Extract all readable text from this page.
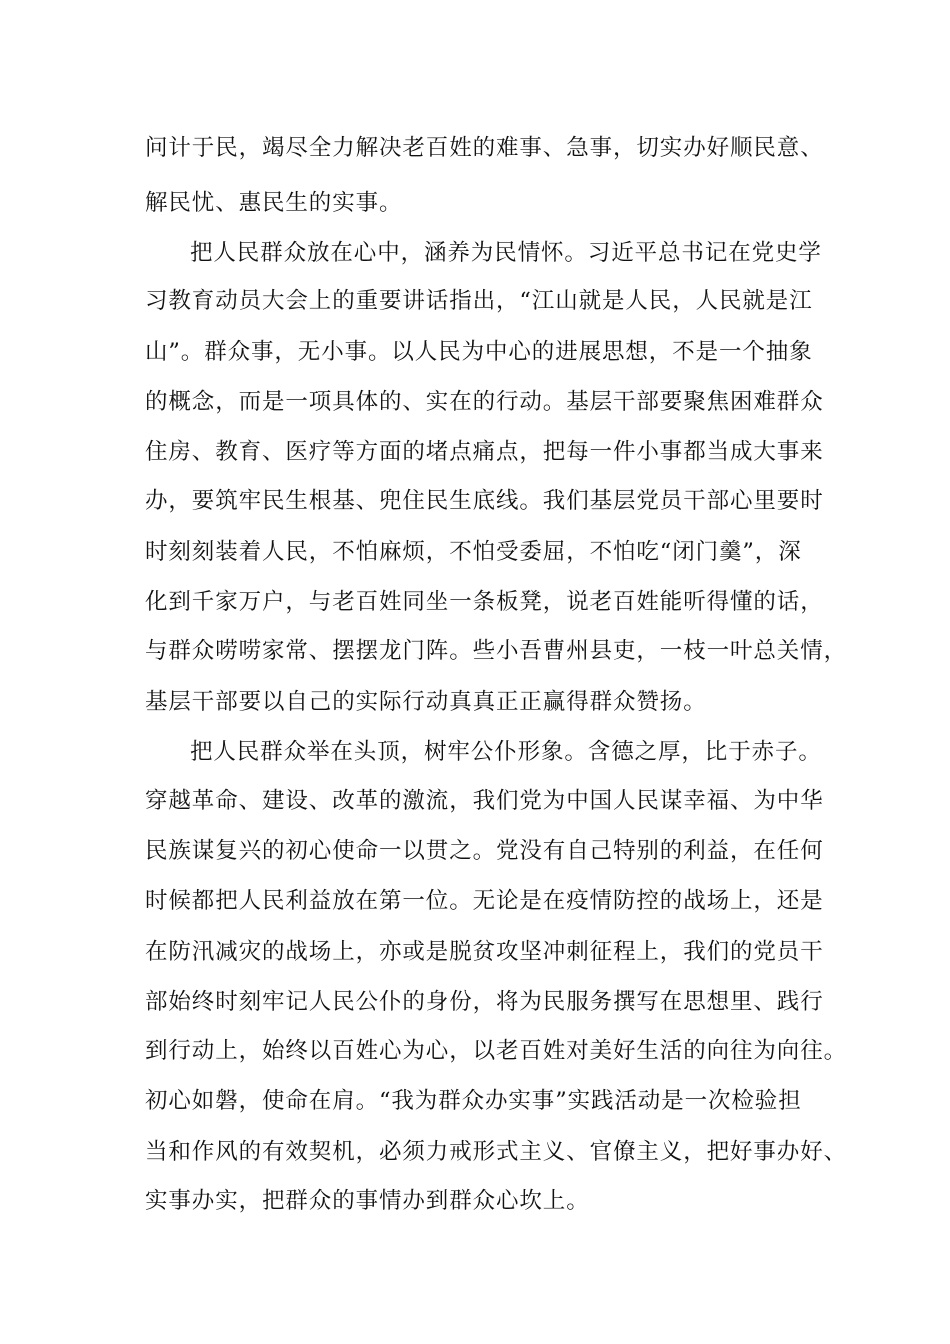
问计于民，竭尽全力解决老百姓的难事、急事，切实办好顺民意、
解民忧、惠民生的实事。
把人民群众放在心中，涵养为民情怀。习近平总书记在党史学
习教育动员大会上的重要讲话指出，“江山就是人民，人民就是江
山”。群众事，无小事。以人民为中心的进展思想，不是一个抽象
的概念，而是一项具体的、实在的行动。基层干部要聚焦困难群众
住房、教育、医疗等方面的堵点痛点，把每一件小事都当成大事来
办，要筑牢民生根基、兜住民生底线。我们基层党员干部心里要时
时刻刻装着人民，不怕麻烦，不怕受委屈，不怕吃“闭门羹”，深
化到千家万户，与老百姓同坐一条板凳，说老百姓能听得懂的话，
与群众唠唠家常、摆摆龙门阵。些小吾曹州县吏，一枝一叶总关情，
基层干部要以自己的实际行动真真正正赢得群众赞扬。
把人民群众举在头顶，树牢公仆形象。含德之厚，比于赤子。
穿越革命、建设、改革的激流，我们党为中国人民谋幸福、为中华
民族谋复兴的初心使命一以贯之。党没有自己特别的利益，在任何
时候都把人民利益放在第一位。无论是在疫情防控的战场上，还是
在防汛减灾的战场上，亦或是脱贫攻坚冲刺征程上，我们的党员干
部始终时刻牢记人民公仆的身份，将为民服务撰写在思想里、践行
到行动上，始终以百姓心为心，以老百姓对美好生活的向往为向往。
初心如磐，使命在肩。“我为群众办实事”实践活动是一次检验担
当和作风的有效契机，必须力戒形式主义、官僚主义，把好事办好、
实事办实，把群众的事情办到群众心坎上。
